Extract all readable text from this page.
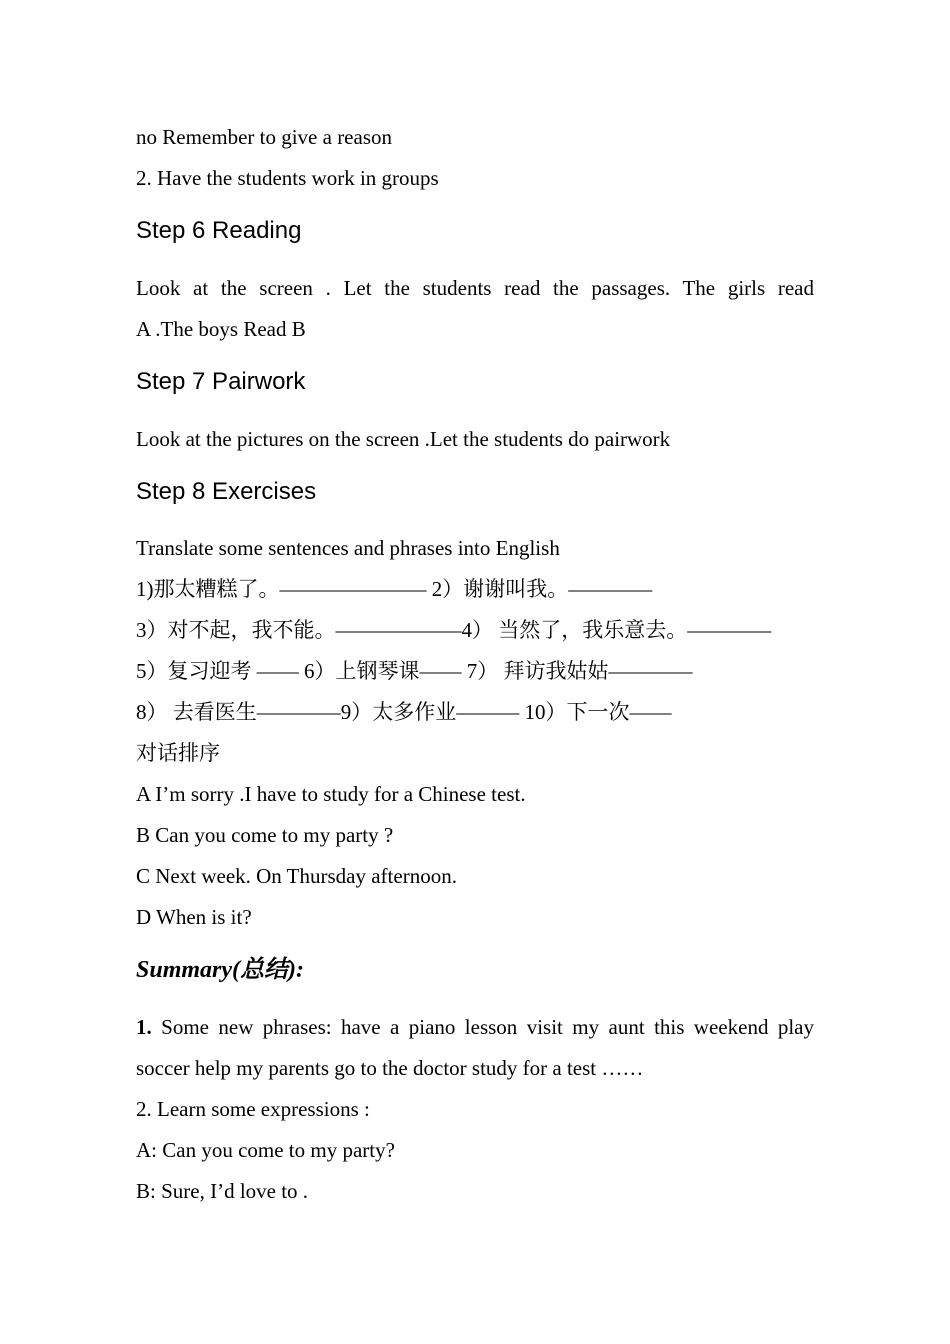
no Remember to give a reason
2. Have the students work in groups
Step 6 Reading
Look at the screen . Let the students read the passages. The girls read
A .The boys Read B
Step 7 Pairwork
Look at the pictures on the screen .Let the students do pairwork
Step 8 Exercises
Translate some sentences and phrases into English
1)那太糟糕了。——————— 2）谢谢叫我。————
3）对不起，我不能。——————4） 当然了，我乐意去。————
5）复习迎考 —— 6）上钢琴课—— 7） 拜访我姑姑————
8） 去看医生————9）太多作业——— 10）下一次——
对话排序
A I’m sorry .I have to study for a Chinese test.
B Can you come to my party ?
C Next week. On Thursday afternoon.
D When is it?
Summary(总结):
1. Some new phrases: have a piano lesson visit my aunt this weekend play
soccer help my parents go to the doctor study for a test ……
2. Learn some expressions :
A: Can you come to my party?
B: Sure, I’d love to .
